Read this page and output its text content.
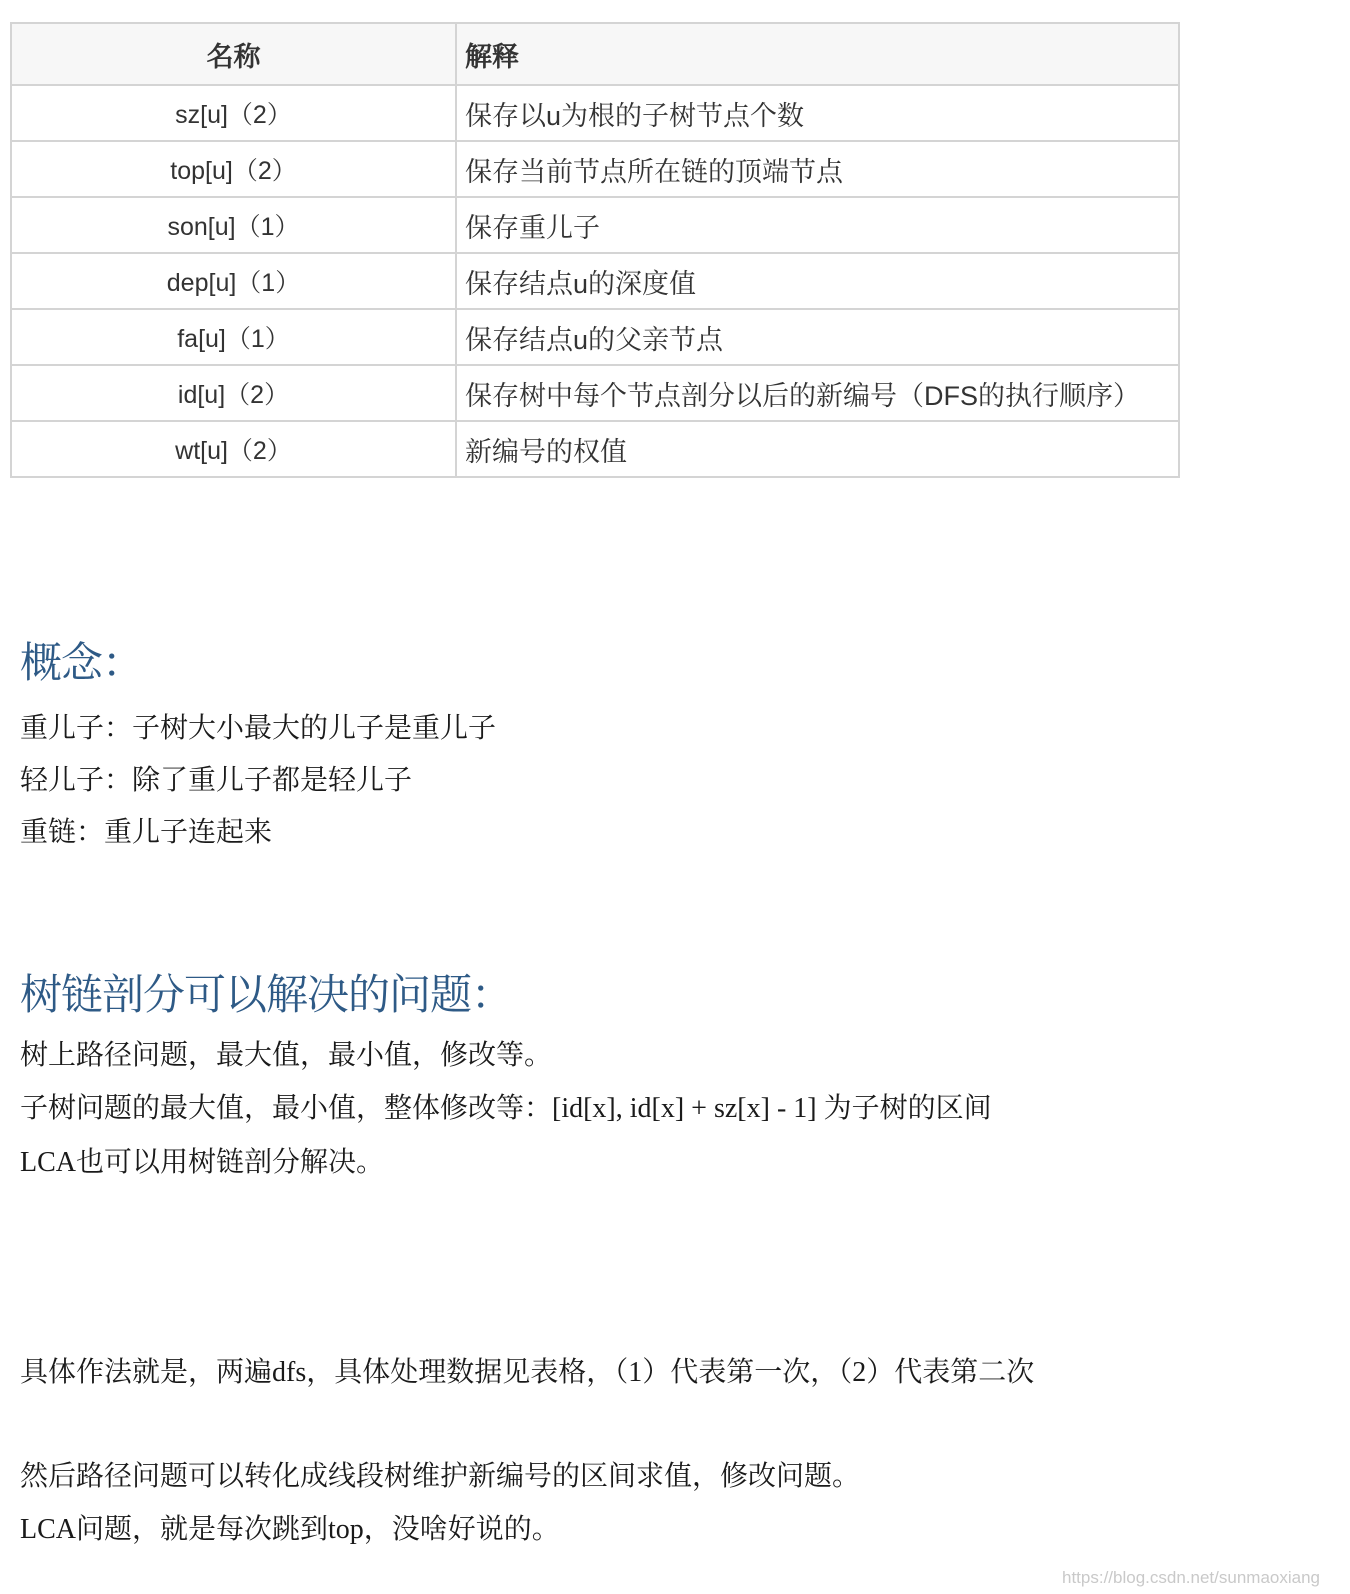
名称	解释
sz[u]（2）	保存以u为根的子树节点个数
top[u]（2）	保存当前节点所在链的顶端节点
son[u]（1）	保存重儿子
dep[u]（1）	保存结点u的深度值
fa[u]（1）	保存结点u的父亲节点
id[u]（2）	保存树中每个节点剖分以后的新编号（DFS的执行顺序）
wt[u]（2）	新编号的权值
概念：

重儿子：子树大小最大的儿子是重儿子

轻儿子：除了重儿子都是轻儿子

重链：重儿子连起来

树链剖分可以解决的问题：

树上路径问题，最大值，最小值，修改等。

子树问题的最大值，最小值，整体修改等：[id[x], id[x] + sz[x] - 1] 为子树的区间

LCA也可以用树链剖分解决。

具体作法就是，两遍dfs，具体处理数据见表格，（1）代表第一次，（2）代表第二次

然后路径问题可以转化成线段树维护新编号的区间求值，修改问题。

LCA问题，就是每次跳到top，没啥好说的。

https://blog.csdn.net/sunmaoxiang
